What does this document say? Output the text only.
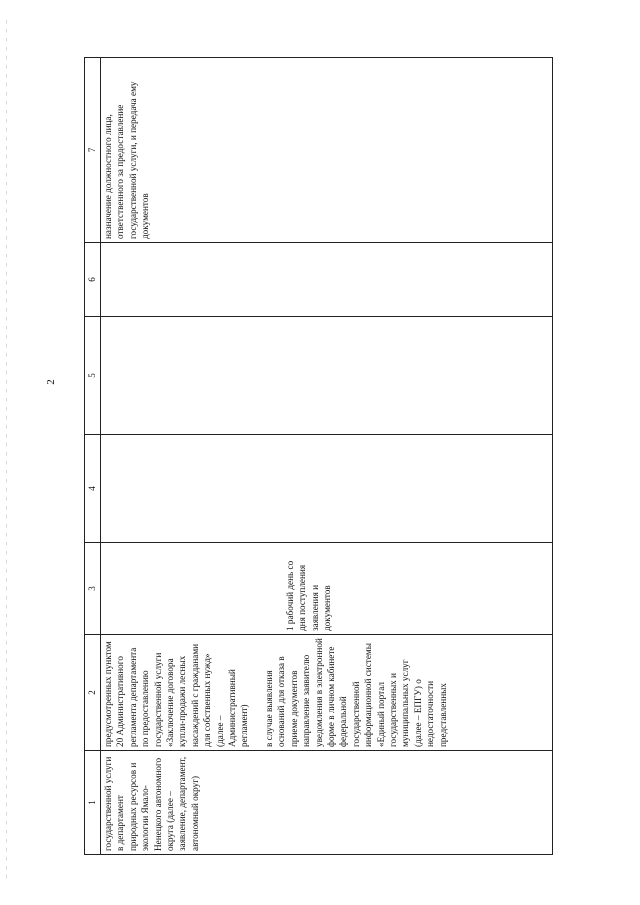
2
1	2	3	4	5	6	7

государственной услуги в департамент природных ресурсов и экологии Ямало-Ненецкого автономного округа (далее – заявление, департамент, автономный округ)	предусмотренных пунктом 20 Административного регламента департамента по предоставлению государственной услуги «Заключение договора купли-продажи лесных насаждений с гражданами для собственных нужд» (далее – Административный регламент) в случае выявления оснований для отказа в приеме документов направление заявителю уведомления в электронной форме в личном кабинете федеральной государственной информационной системы «Единый портал государственных и муниципальных услуг (далее – ЕПГУ) о недостаточности представленных	1 рабочий день со дня поступления заявления и документов				назначение должностного лица, ответственного за предоставление государственной услуги, и передача ему документов
